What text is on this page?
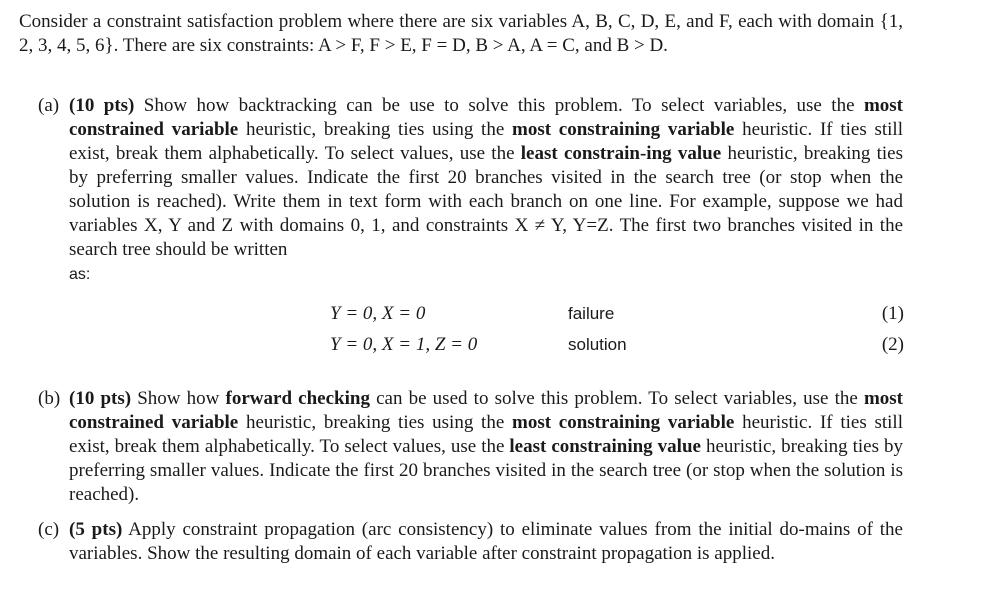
Consider a constraint satisfaction problem where there are six variables A, B, C, D, E, and F, each with domain {1, 2, 3, 4, 5, 6}. There are six constraints: A > F, F > E, F = D, B > A, A = C, and B > D.
(a) (10 pts) Show how backtracking can be use to solve this problem. To select variables, use the most constrained variable heuristic, breaking ties using the most constraining variable heuristic. If ties still exist, break them alphabetically. To select values, use the least constrain-ing value heuristic, breaking ties by preferring smaller values. Indicate the first 20 branches visited in the search tree (or stop when the solution is reached). Write them in text form with each branch on one line. For example, suppose we had variables X, Y and Z with domains 0, 1, and constraints X ≠ Y, Y=Z. The first two branches visited in the search tree should be written
as:
Y = 0, X = 0	failure	(1)
Y = 0, X = 1, Z = 0	solution	(2)
(b) (10 pts) Show how forward checking can be used to solve this problem. To select variables, use the most constrained variable heuristic, breaking ties using the most constraining variable heuristic. If ties still exist, break them alphabetically. To select values, use the least constraining value heuristic, breaking ties by preferring smaller values. Indicate the first 20 branches visited in the search tree (or stop when the solution is reached).
(c) (5 pts) Apply constraint propagation (arc consistency) to eliminate values from the initial do-mains of the variables. Show the resulting domain of each variable after constraint propagation is applied.
